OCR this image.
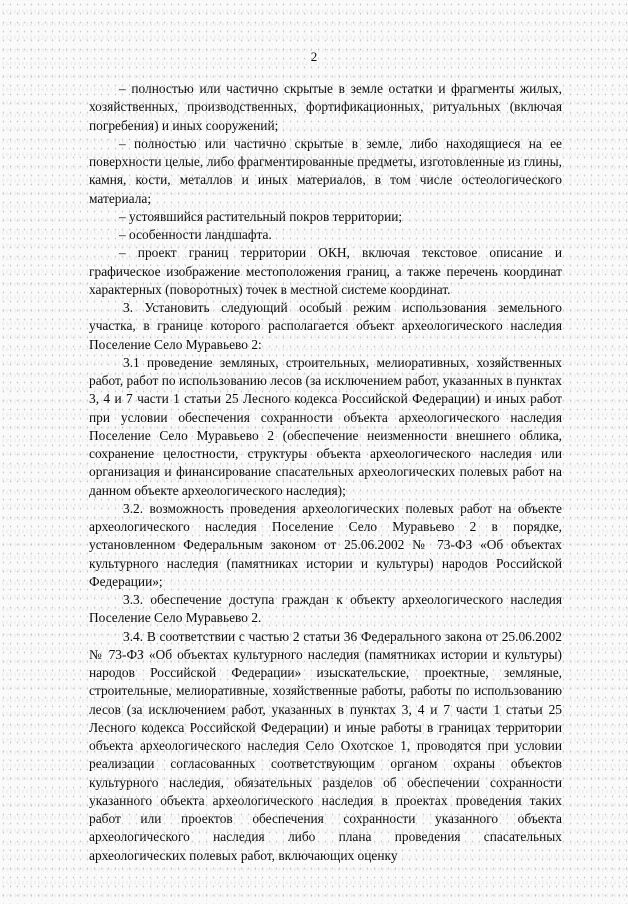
2

– полностью или частично скрытые в земле остатки и фрагменты жилых, хозяйственных, производственных, фортификационных, ритуальных (включая погребения) и иных сооружений;

– полностью или частично скрытые в земле, либо находящиеся на ее поверхности целые, либо фрагментированные предметы, изготовленные из глины, камня, кости, металлов и иных материалов, в том числе остеологического материала;

– устоявшийся растительный покров территории;

– особенности ландшафта.

– проект границ территории ОКН, включая текстовое описание и графическое изображение местоположения границ, а также перечень координат характерных (поворотных) точек в местной системе координат.

3. Установить следующий особый режим использования земельного участка, в границе которого располагается объект археологического наследия Поселение Село Муравьево 2:

3.1 проведение земляных, строительных, мелиоративных, хозяйственных работ, работ по использованию лесов (за исключением работ, указанных в пунктах 3, 4 и 7 части 1 статьи 25 Лесного кодекса Российской Федерации) и иных работ при условии обеспечения сохранности объекта археологического наследия Поселение Село Муравьево 2 (обеспечение неизменности внешнего облика, сохранение целостности, структуры объекта археологического наследия или организация и финансирование спасательных археологических полевых работ на данном объекте археологического наследия);

3.2. возможность проведения археологических полевых работ на объекте археологического наследия Поселение Село Муравьево 2 в порядке, установленном Федеральным законом от 25.06.2002 № 73-ФЗ «Об объектах культурного наследия (памятниках истории и культуры) народов Российской Федерации»;

3.3. обеспечение доступа граждан к объекту археологического наследия Поселение Село Муравьево 2.

3.4. В соответствии с частью 2 статьи 36 Федерального закона от 25.06.2002 № 73-ФЗ «Об объектах культурного наследия (памятниках истории и культуры) народов Российской Федерации» изыскательские, проектные, земляные, строительные, мелиоративные, хозяйственные работы, работы по использованию лесов (за исключением работ, указанных в пунктах 3, 4 и 7 части 1 статьи 25 Лесного кодекса Российской Федерации) и иные работы в границах территории объекта археологического наследия Село Охотское 1, проводятся при условии реализации согласованных соответствующим органом охраны объектов культурного наследия, обязательных разделов об обеспечении сохранности указанного объекта археологического наследия в проектах проведения таких работ или проектов обеспечения сохранности указанного объекта археологического наследия либо плана проведения спасательных археологических полевых работ, включающих оценку
